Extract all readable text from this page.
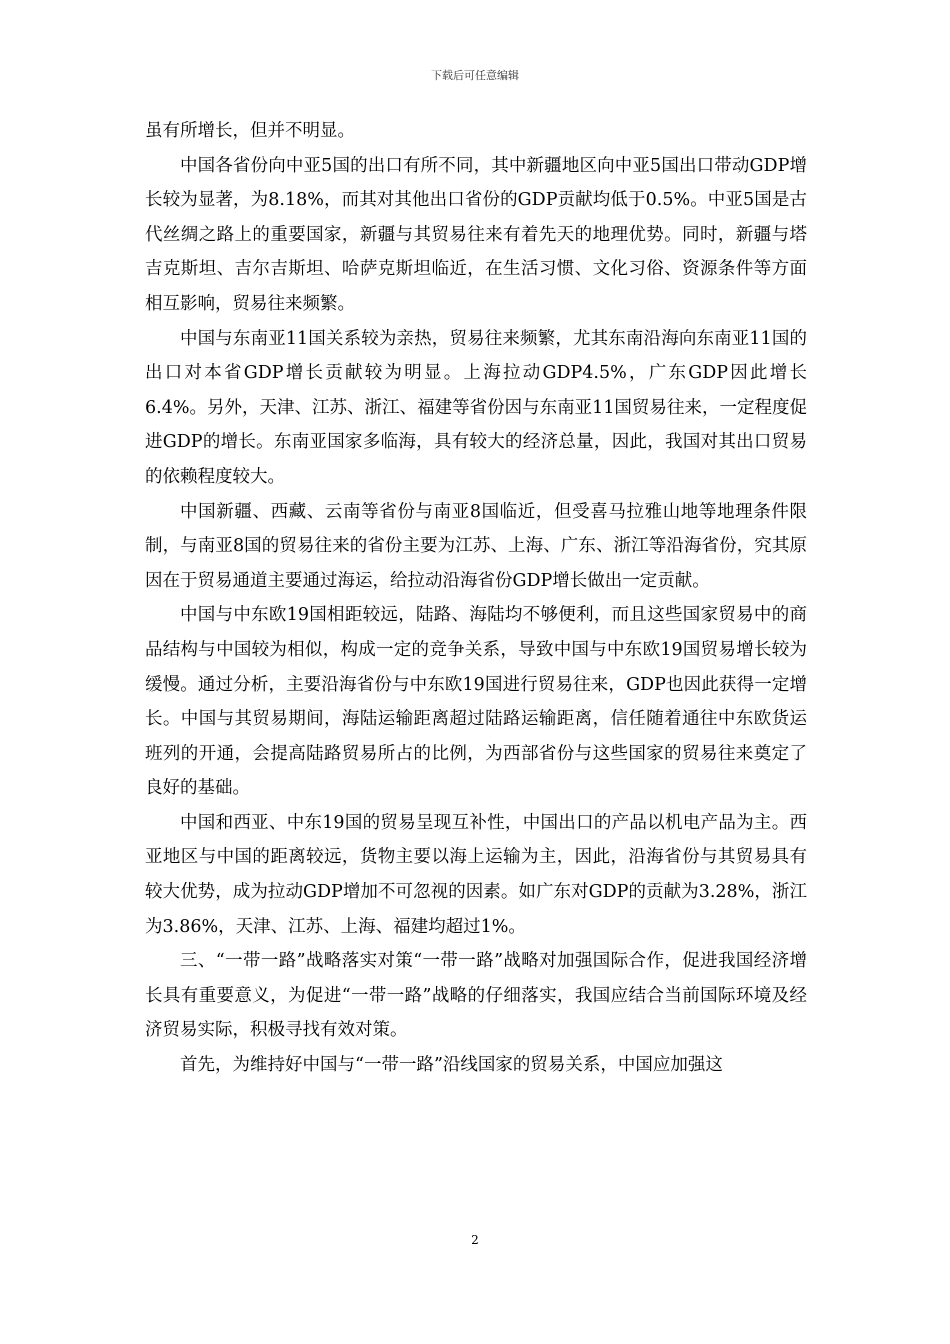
下载后可任意编辑

虽有所增长，但并不明显。

中国各省份向中亚5国的出口有所不同，其中新疆地区向中亚5国出口带动GDP增长较为显著，为8.18%，而其对其他出口省份的GDP贡献均低于0.5%。中亚5国是古代丝绸之路上的重要国家，新疆与其贸易往来有着先天的地理优势。同时，新疆与塔吉克斯坦、吉尔吉斯坦、哈萨克斯坦临近，在生活习惯、文化习俗、资源条件等方面相互影响，贸易往来频繁。

中国与东南亚11国关系较为亲热，贸易往来频繁，尤其东南沿海向东南亚11国的出口对本省GDP增长贡献较为明显。上海拉动GDP4.5%，广东GDP因此增长6.4%。另外，天津、江苏、浙江、福建等省份因与东南亚11国贸易往来，一定程度促进GDP的增长。东南亚国家多临海，具有较大的经济总量，因此，我国对其出口贸易的依赖程度较大。

中国新疆、西藏、云南等省份与南亚8国临近，但受喜马拉雅山地等地理条件限制，与南亚8国的贸易往来的省份主要为江苏、上海、广东、浙江等沿海省份，究其原因在于贸易通道主要通过海运，给拉动沿海省份GDP增长做出一定贡献。

中国与中东欧19国相距较远，陆路、海陆均不够便利，而且这些国家贸易中的商品结构与中国较为相似，构成一定的竞争关系，导致中国与中东欧19国贸易增长较为缓慢。通过分析，主要沿海省份与中东欧19国进行贸易往来，GDP也因此获得一定增长。中国与其贸易期间，海陆运输距离超过陆路运输距离，信任随着通往中东欧货运班列的开通，会提高陆路贸易所占的比例，为西部省份与这些国家的贸易往来奠定了良好的基础。

中国和西亚、中东19国的贸易呈现互补性，中国出口的产品以机电产品为主。西亚地区与中国的距离较远，货物主要以海上运输为主，因此，沿海省份与其贸易具有较大优势，成为拉动GDP增加不可忽视的因素。如广东对GDP的贡献为3.28%，浙江为3.86%，天津、江苏、上海、福建均超过1%。

三、“一带一路”战略落实对策“一带一路”战略对加强国际合作，促进我国经济增长具有重要意义，为促进“一带一路”战略的仔细落实，我国应结合当前国际环境及经济贸易实际，积极寻找有效对策。

首先，为维持好中国与“一带一路”沿线国家的贸易关系，中国应加强这

2
